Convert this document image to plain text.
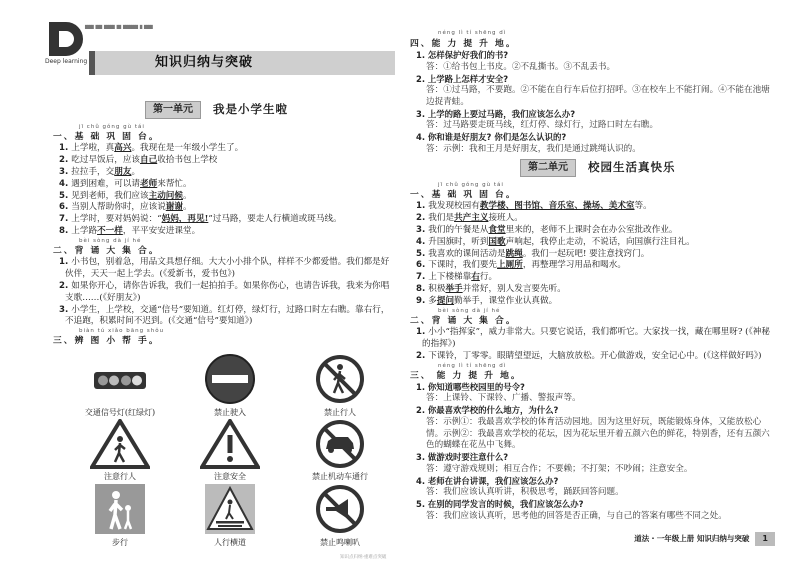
Deep learning
▇▇▇▇ ▇▇▇ ▇▇▇▇▇ ▇▇ ▇▇▇▇▇▇▇ ▇ ▇▇▇▇
知识归纳与突破
第一单元	我是小学生啦
jī chǔ gǒng gù tái
一、基 础 巩 固 台。
1. 上学啦，真高兴。我现在是一年级小学生了。
2. 吃过早饭后，应该自己收拾书包上学校
3. 拉拉手，交朋友。
4. 遇到困难，可以请老师来帮忙。
5. 见到老师，我们应该主动问候。
6. 当别人帮助你时，应该说谢谢。
7. 上学时，要对妈妈说：“妈妈，再见!”过马路，要走人行横道或斑马线。
8. 上学路不一样，平平安安进课堂。
bèi sòng dà jí hé
二、背 诵 大 集 合。
1. 小书包，别着急，用品文具想仔细。大大小小排个队，样样不少都爱惜。我们都是好伙伴，天天一起上学去。(《爱新书，爱书包》)
2. 如果你开心，请你告诉我，我们一起拍拍手。如果你伤心，也请告诉我，我来为你唱支歌……(《好朋友》)
3. 小学生，上学校，交通“信号”要知道。红灯停，绿灯行，过路口时左右瞧。靠右行，不追跑，积累时间不迟到。(《交通“信号”要知道》)
biàn tú xiǎo bāng shǒu
三、辨 图 小 帮 手。
交通信号灯(红绿灯)	禁止驶入	禁止行人
注意行人	注意安全	禁止机动车通行
步行	人行横道	禁止鸣喇叭
néng lì tí shēng dì
四、能 力 提 升 地。
1. 怎样保护好我们的书?
答：①给书包上书皮。②不乱撕书。③不乱丢书。
2. 上学路上怎样才安全?
答：①过马路，不要跑。②不能在自行车后位打招呼。③在校车上不能打闹。④不能在池塘边捉青蛙。
3. 上学的路上要过马路，我们应该怎么办?
答：过马路要走斑马线，红灯停、绿灯行，过路口时左右瞧。
4. 你和谁是好朋友? 你们是怎么认识的?
答：示例：我和王月是好朋友，我们是通过跳绳认识的。
第二单元	校园生活真快乐
jī chǔ gǒng gù tái
一、基 础 巩 固 台。
1. 我发现校园有教学楼、图书馆、音乐室、操场、美术室等。
2. 我们是共产主义接班人。
3. 我们的午餐是从食堂里来的，老师不上课时会在办公室批改作业。
4. 升国旗时，听到国歌声响起，我停止走动，不说话，向国旗行注目礼。
5. 我喜欢的课间活动是跳绳。我们一起玩吧! 要注意找窍门。
6. 下课时，我们要先上厕所，再整理学习用品和喝水。
7. 上下楼梯靠右行。
8. 积极举手并常好，别人发言要先听。
9. 多提问勤举手，课堂作业认真做。
bèi sòng dà jí hé
二、背 诵 大 集 合。
1. 小小“指挥家”，威力非常大。只要它说话，我们都听它。大家找一找，藏在哪里呀? (《神秘的指挥》)
2. 下课铃，丁零零。眼睛望望远，大脑放放松。开心做游戏，安全记心中。(《这样做好吗》)
néng lì tí shēng dì
三、 能 力 提 升 地。
1. 你知道哪些校园里的号令?
答：上课铃、下课铃、广播、警报声等。
2. 你最喜欢学校的什么地方，为什么?
答：示例①：我最喜欢学校的体育活动园地。因为这里好玩，既能锻炼身体，又能放松心情。示例②：我最喜欢学校的花坛，因为花坛里开着五颜六色的鲜花，特别香，还有五颜六色的蝴蝶在花丛中飞舞。
3. 做游戏时要注意什么?
答：遵守游戏规则；相互合作；不要赖；不打架；不吵闹；注意安全。
4. 老师在讲台讲课，我们应该怎么办?
答：我们应该认真听讲，积极思考，踊跃回答问题。
5. 在别的同学发言的时候，我们应该怎么办?
答：我们应该认真听，思考他的回答是否正确，与自己的答案有哪些不同之处。
道法・一年级上册 知识归纳与突破	1
知识点归纳·重难点突破
